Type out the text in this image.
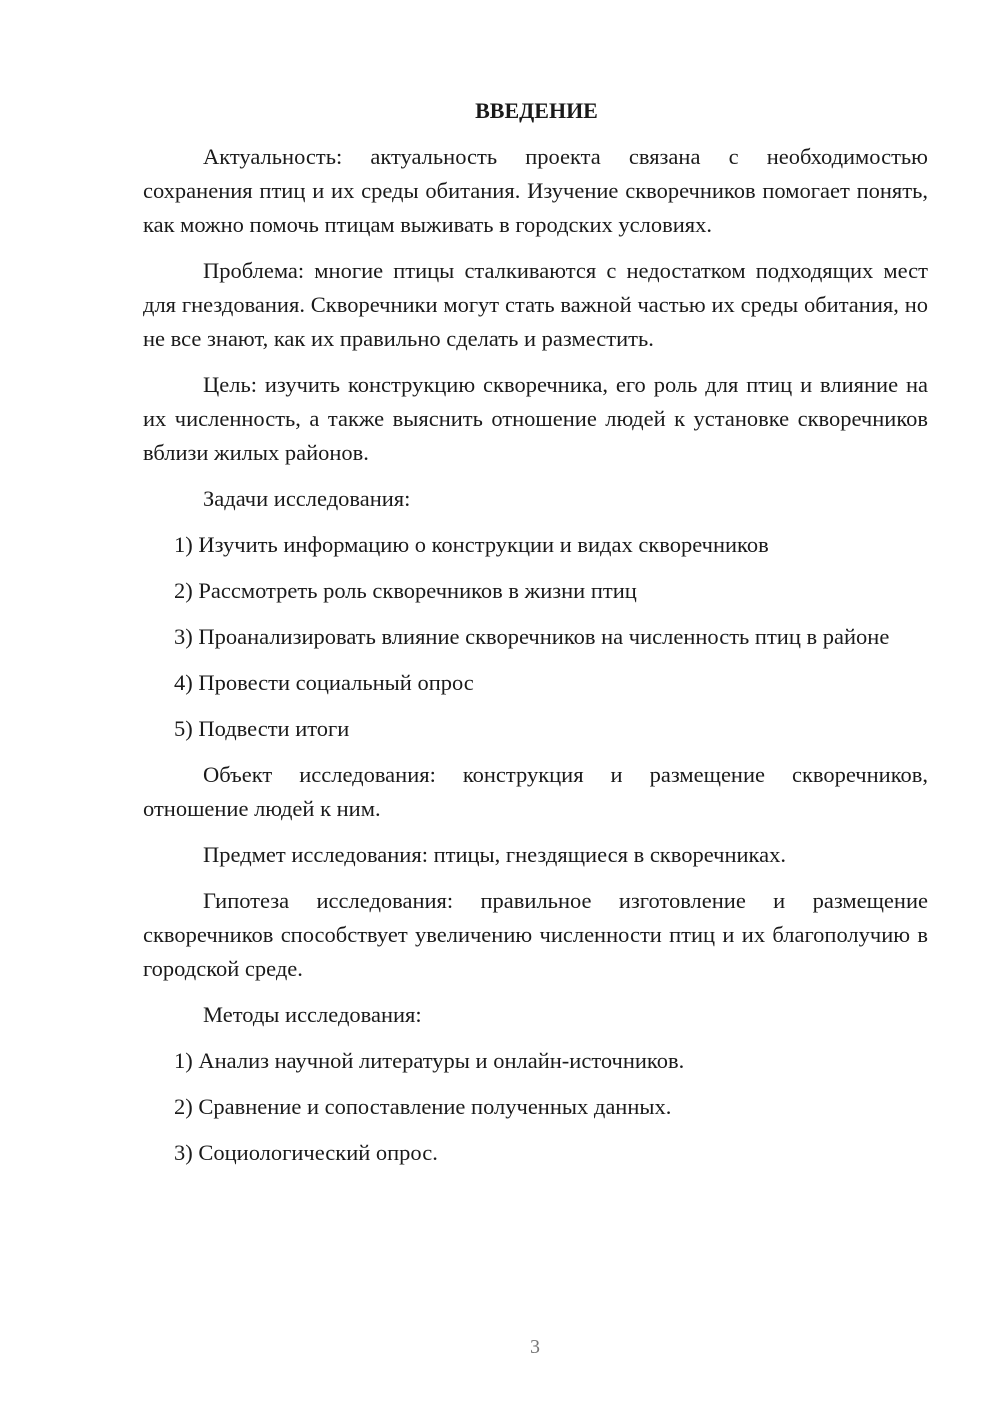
ВВЕДЕНИЕ
Актуальность: актуальность проекта связана с необходимостью сохранения птиц и их среды обитания. Изучение скворечников помогает понять, как можно помочь птицам выживать в городских условиях.
Проблема: многие птицы сталкиваются с недостатком подходящих мест для гнездования. Скворечники могут стать важной частью их среды обитания, но не все знают, как их правильно сделать и разместить.
Цель: изучить конструкцию скворечника, его роль для птиц и влияние на их численность, а также выяснить отношение людей к установке скворечников вблизи жилых районов.
Задачи исследования:
1) Изучить информацию о конструкции и видах скворечников
2) Рассмотреть роль скворечников в жизни птиц
3) Проанализировать влияние скворечников на численность птиц в районе
4) Провести социальный опрос
5) Подвести итоги
Объект исследования: конструкция и размещение скворечников, отношение людей к ним.
Предмет исследования: птицы, гнездящиеся в скворечниках.
Гипотеза исследования: правильное изготовление и размещение скворечников способствует увеличению численности птиц и их благополучию в городской среде.
Методы исследования:
1) Анализ научной литературы и онлайн-источников.
2) Сравнение и сопоставление полученных данных.
3) Социологический опрос.
3
